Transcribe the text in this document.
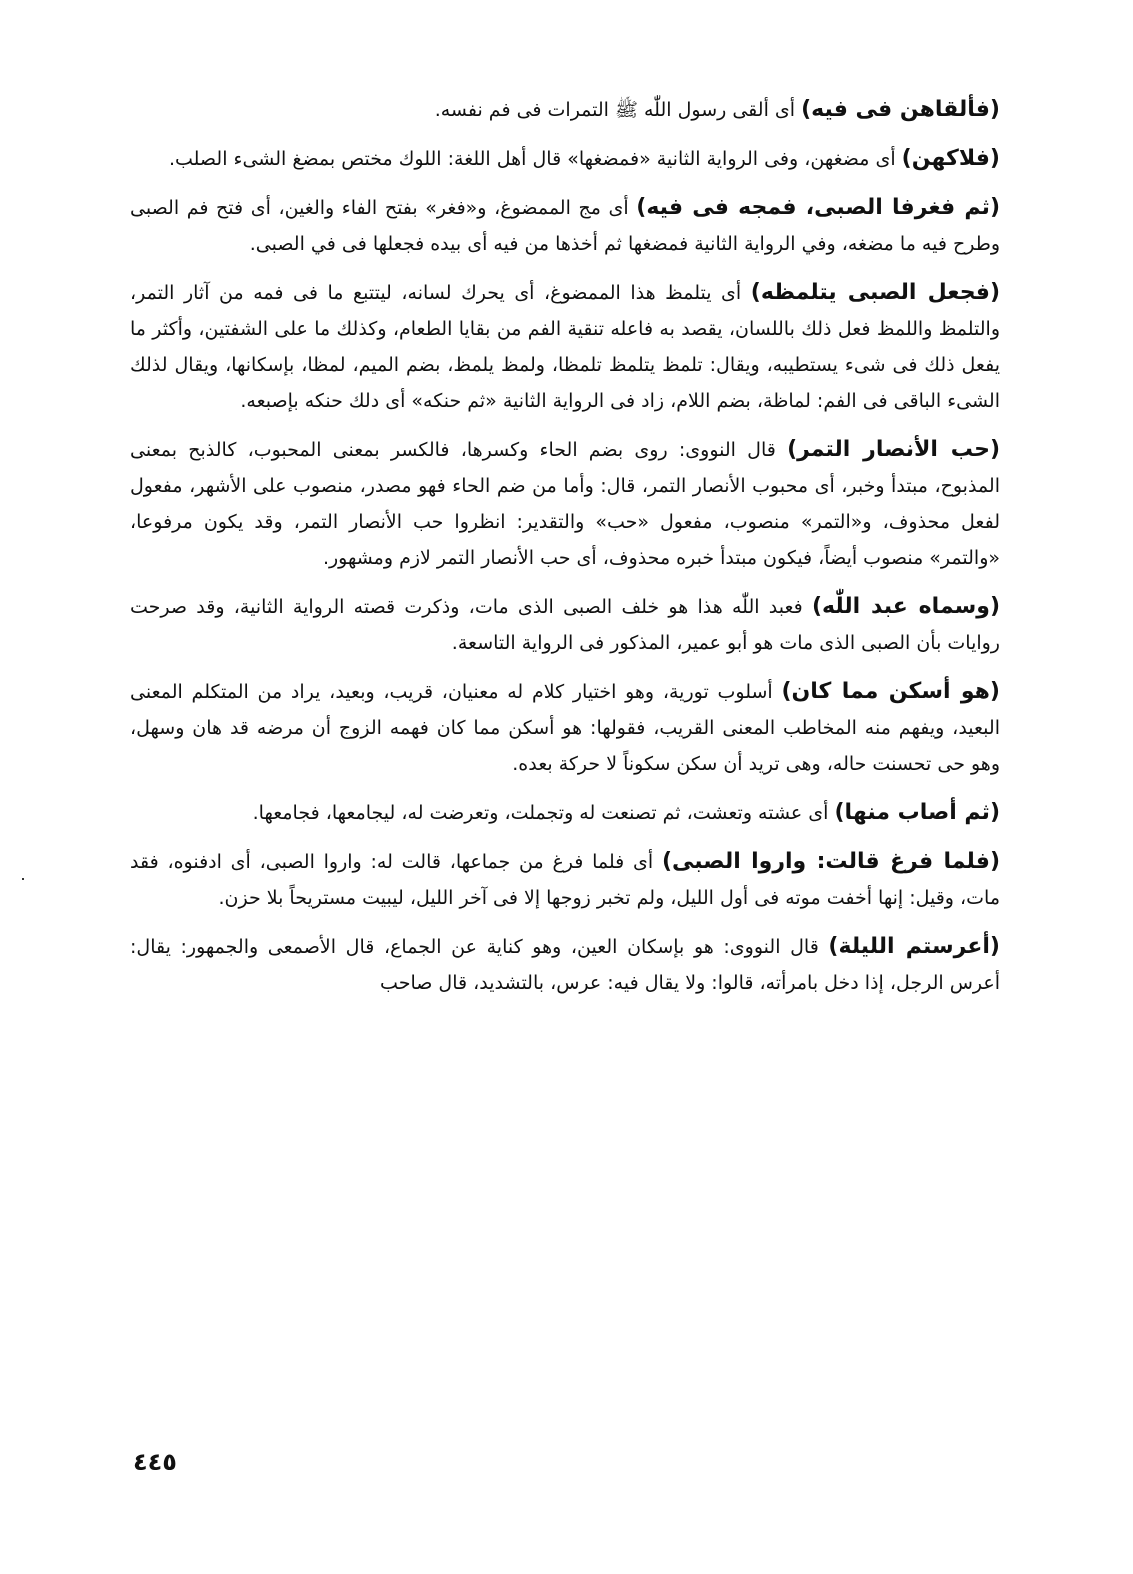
(فألقاهن فى فيه) أى ألقى رسول اللّٰه ﷺ التمرات فى فم نفسه.

(فلاكهن) أى مضغهن، وفى الرواية الثانية «فمضغها» قال أهل اللغة: اللوك مختص بمضغ الشىء الصلب.

(ثم فغرفا الصبى، فمجه فى فيه) أى مج الممضوغ، و«فغر» بفتح الفاء والغين، أى فتح فم الصبى وطرح فيه ما مضغه، وفي الرواية الثانية فمضغها ثم أخذها من فيه أى بيده فجعلها فى في الصبى.

(فجعل الصبى يتلمظه) أى يتلمظ هذا الممضوغ، أى يحرك لسانه، ليتتبع ما فى فمه من آثار التمر، والتلمظ واللمظ فعل ذلك باللسان، يقصد به فاعله تنقية الفم من بقايا الطعام، وكذلك ما على الشفتين، وأكثر ما يفعل ذلك فى شىء يستطيبه، ويقال: تلمظ يتلمظ تلمظا، ولمظ يلمظ، بضم الميم، لمظا، بإسكانها، ويقال لذلك الشىء الباقى فى الفم: لماظة، بضم اللام، زاد فى الرواية الثانية «ثم حنكه» أى دلك حنكه بإصبعه.

(حب الأنصار التمر) قال النووى: روى بضم الحاء وكسرها، فالكسر بمعنى المحبوب، كالذبح بمعنى المذبوح، مبتدأ وخبر، أى محبوب الأنصار التمر، قال: وأما من ضم الحاء فهو مصدر، منصوب على الأشهر، مفعول لفعل محذوف، و«التمر» منصوب، مفعول «حب» والتقدير: انظروا حب الأنصار التمر، وقد يكون مرفوعا، «والتمر» منصوب أيضاً، فيكون مبتدأ خبره محذوف، أى حب الأنصار التمر لازم ومشهور.

(وسماه عبد اللّٰه) فعبد اللّٰه هذا هو خلف الصبى الذى مات، وذكرت قصته الرواية الثانية، وقد صرحت روايات بأن الصبى الذى مات هو أبو عمير، المذكور فى الرواية التاسعة.

(هو أسكن مما كان) أسلوب تورية، وهو اختيار كلام له معنيان، قريب، وبعيد، يراد من المتكلم المعنى البعيد، ويفهم منه المخاطب المعنى القريب، فقولها: هو أسكن مما كان فهمه الزوج أن مرضه قد هان وسهل، وهو حى تحسنت حاله، وهى تريد أن سكن سكوناً لا حركة بعده.

(ثم أصاب منها) أى عشته وتعشت، ثم تصنعت له وتجملت، وتعرضت له، ليجامعها، فجامعها.

(فلما فرغ قالت: واروا الصبى) أى فلما فرغ من جماعها، قالت له: واروا الصبى، أى ادفنوه، فقد مات، وقيل: إنها أخفت موته فى أول الليل، ولم تخبر زوجها إلا فى آخر الليل، ليبيت مستريحاً بلا حزن.

(أعرستم الليلة) قال النووى: هو بإسكان العين، وهو كناية عن الجماع، قال الأصمعى والجمهور: يقال: أعرس الرجل، إذا دخل بامرأته، قالوا: ولا يقال فيه: عرس، بالتشديد، قال صاحب

٤٤٥
